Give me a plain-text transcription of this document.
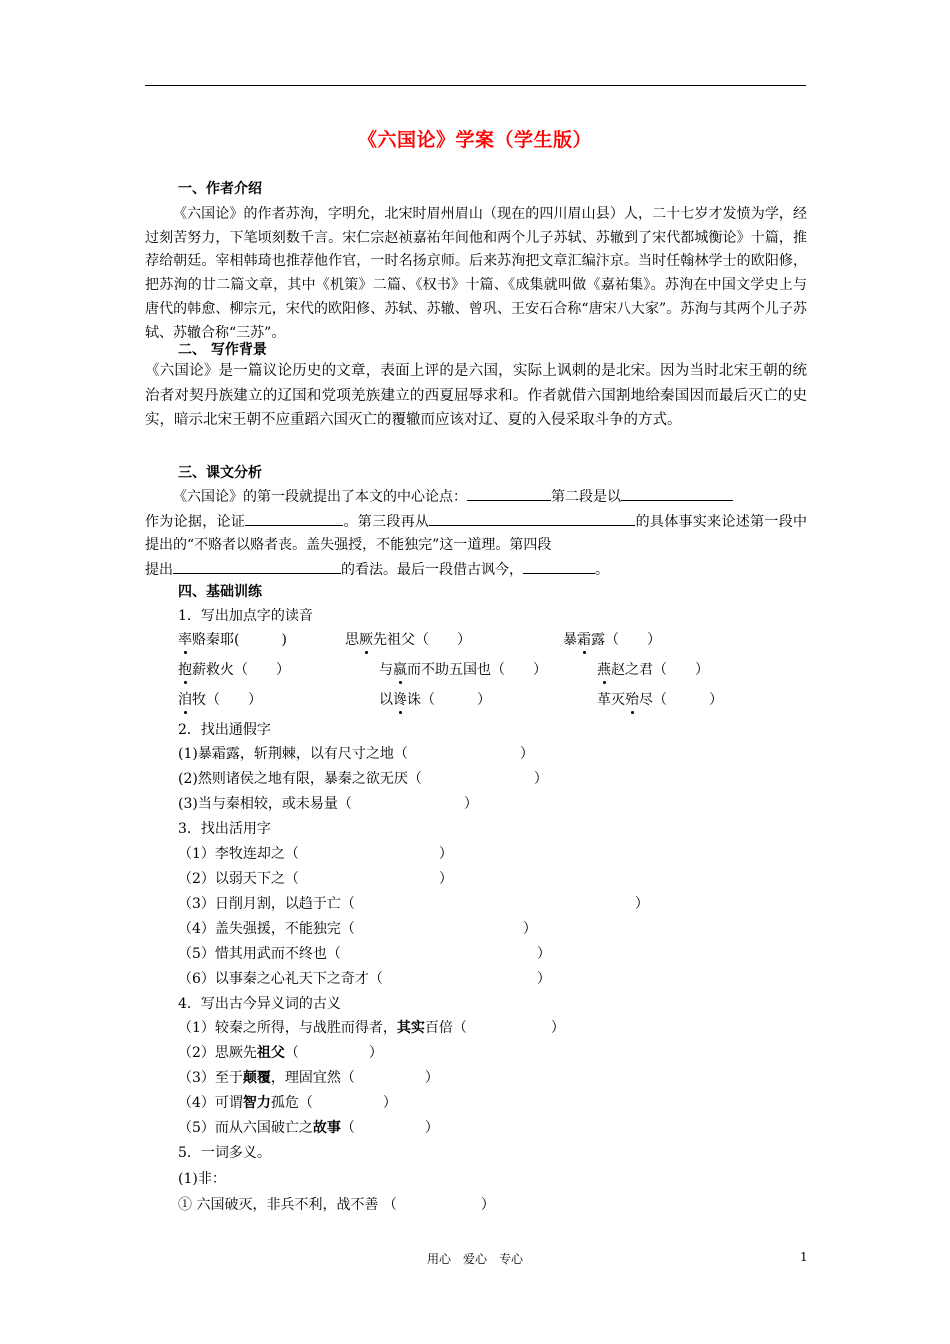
《六国论》学案（学生版）
一、作者介绍
《六国论》的作者苏洵，字明允，北宋时眉州眉山（现在的四川眉山县）人，二十七岁才发愤为学，经过刻苦努力，下笔顷刻数千言。宋仁宗赵祯嘉祐年间他和两个儿子苏轼、苏辙到了宋代都城衡论》十篇，推荐给朝廷。宰相韩琦也推荐他作官，一时名扬京师。后来苏洵把文章汇编汴京。当时任翰林学士的欧阳修，把苏洵的廿二篇文章，其中《机策》二篇、《权书》十篇、《成集就叫做《嘉祐集》。苏洵在中国文学史上与唐代的韩愈、柳宗元，宋代的欧阳修、苏轼、苏辙、曾巩、王安石合称“唐宋八大家”。苏洵与其两个儿子苏轼、苏辙合称“三苏”。
二、 写作背景
《六国论》是一篇议论历史的文章，表面上评的是六国，实际上讽刺的是北宋。因为当时北宋王朝的统治者对契丹族建立的辽国和党项羌族建立的西夏屈辱求和。作者就借六国割地给秦国因而最后灭亡的史实，暗示北宋王朝不应重蹈六国灭亡的覆辙而应该对辽、夏的入侵采取斗争的方式。
三、课文分析
《六国论》的第一段就提出了本文的中心论点：	第二段是以
作为论据，论证	。第三段再从	的具体事实来论述第一段中提出的“不赂者以赂者丧。盖失强授，不能独完”这一道理。第四段
提出	的看法。最后一段借古讽今，	。
四、基础训练
1．写出加点字的读音
率赂秦耶(　　　)	思厥先祖父（　　）	暴霜露（　　）
抱薪救火（　　）	与嬴而不助五国也（　　）	燕赵之君（　　）
洎牧（　　）	以谗诛（　　　）	革灭殆尽（　　　）
2．找出通假字
(1)暴霜露，斩荆棘，以有尺寸之地（　　　　　　　　）
(2)然则诸侯之地有限，暴秦之欲无厌（　　　　　　　　）
(3)当与秦相较，或未易量（　　　　　　　　）
3．找出活用字
（1）李牧连却之（　　　　　　　　　　）
（2）以弱天下之（　　　　　　　　　　）
（3）日削月割，以趋于亡（　　　　　　　　　　　　　　　　　　　　）
（4）盖失强援，不能独完（　　　　　　　　　　　　）
（5）惜其用武而不终也（　　　　　　　　　　　　　　）
（6）以事秦之心礼天下之奇才（　　　　　　　　　　　）
4．写出古今异义词的古义
（1）较秦之所得，与战胜而得者，其实百倍（　　　　　　）
（2）思厥先祖父（　　　　　）
（3）至于颠覆，理固宜然（　　　　　）
（4）可谓智力孤危（　　　　　）
（5）而从六国破亡之故事（　　　　　）
5．一词多义。
(1)非：
① 六国破灭，非兵不利，战不善 （　　　　　　）
用心　爱心　专心	1
